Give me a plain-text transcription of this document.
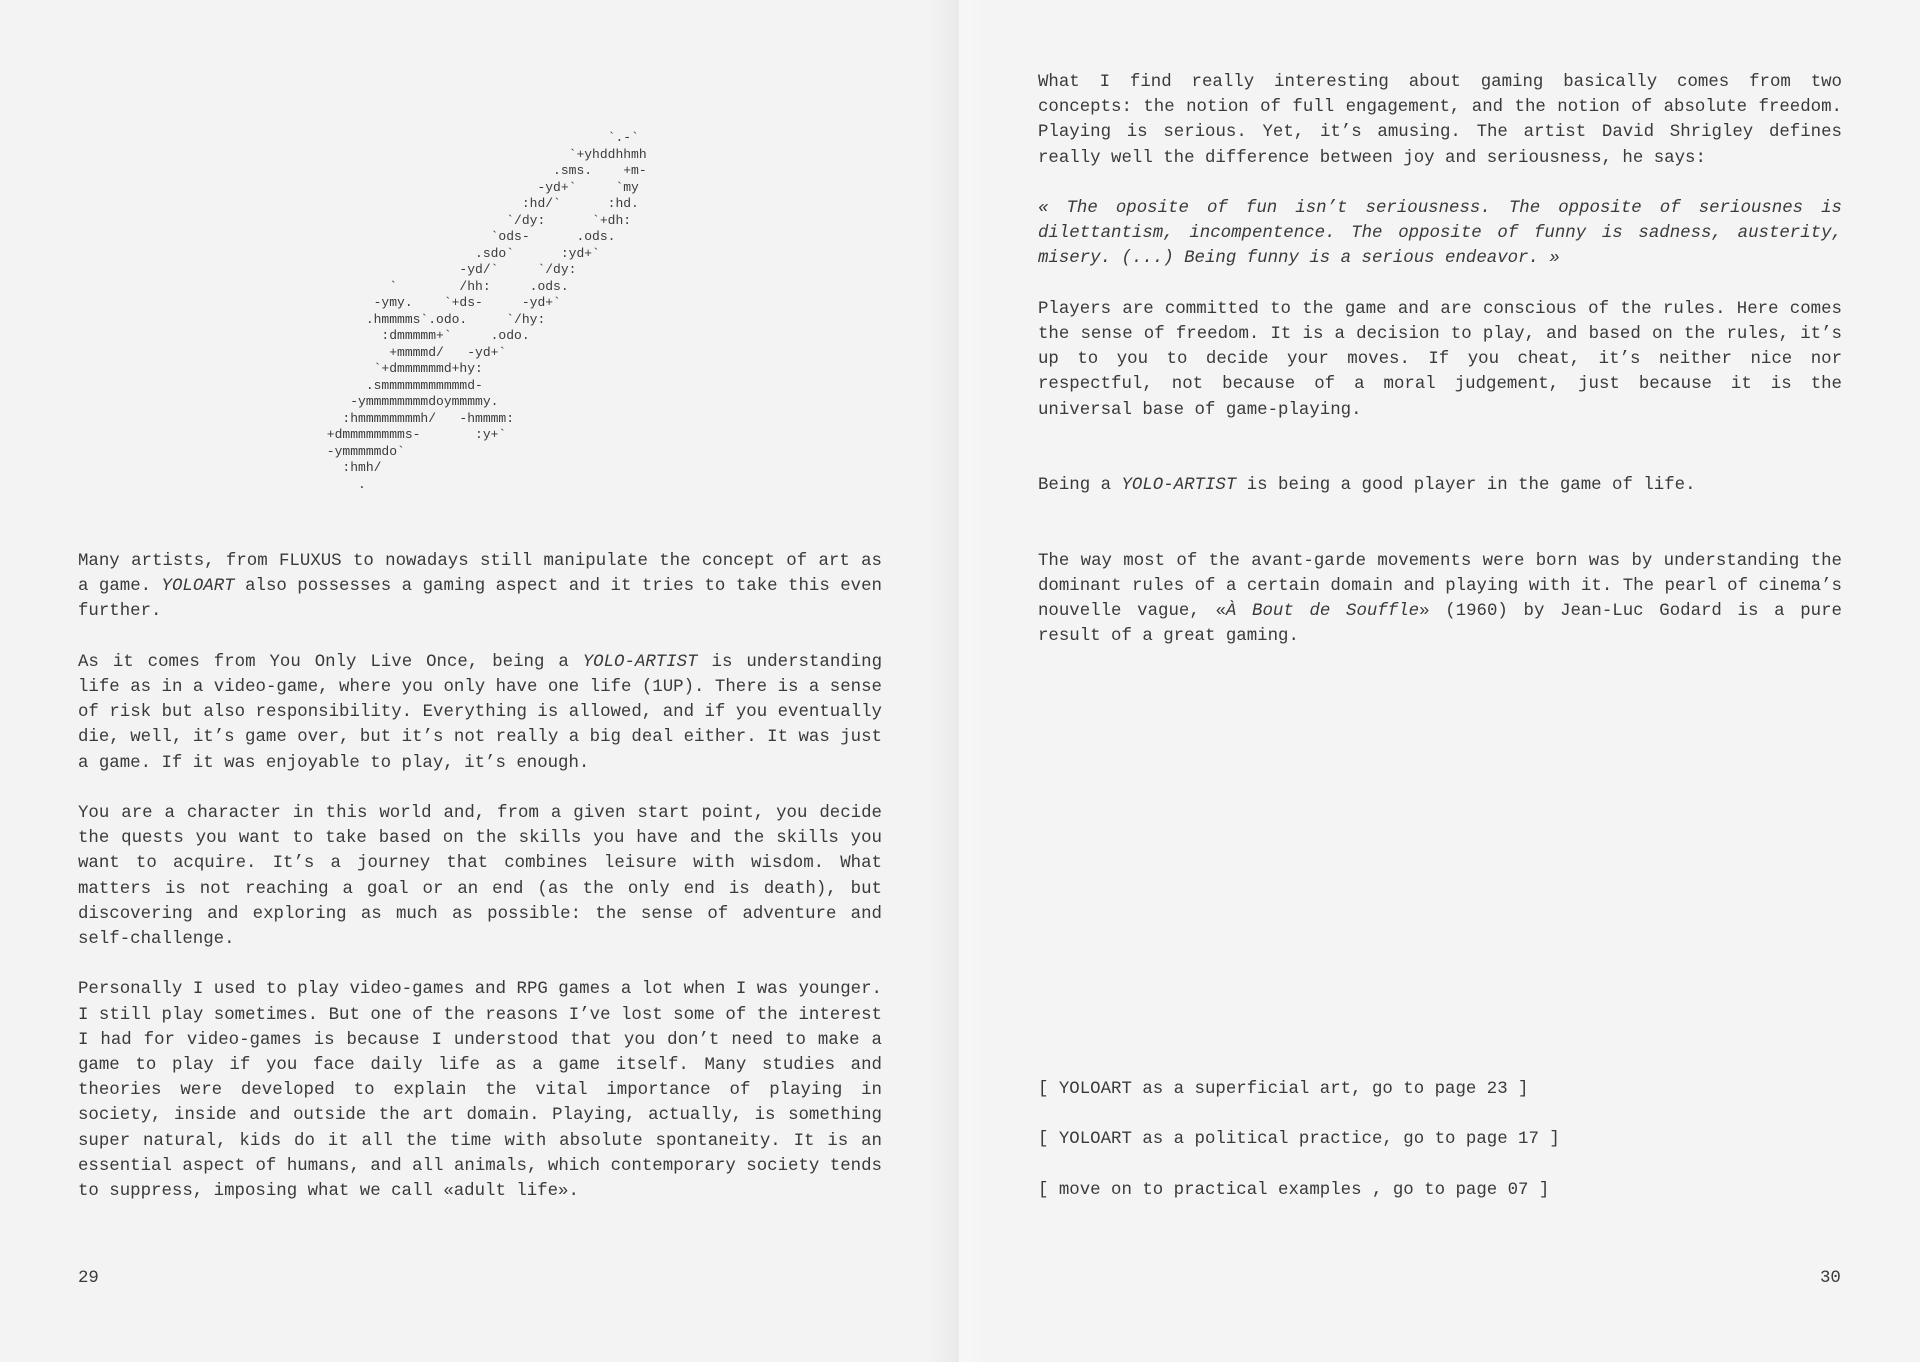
`.-`
`+yhddhhmh
.sms.    +m-
-yd+`     `my
:hd/`      :hd.
`/dy:      `+dh:
`ods-      .ods.
.sdo`      :yd+`
-yd/`     `/dy:
`        /hh:     .ods.
-ymy.    `+ds-     -yd+`
.hmmmms`.odo.     `/hy:
:dmmmmm+`     .odo.
+mmmmd/   -yd+`
`+dmmmmmmd+hy:
.smmmmmmmmmmmd-
-ymmmmmmmmdoymmmmy.
:hmmmmmmmmh/   -hmmmm:
+dmmmmmmmms-       :y+`
-ymmmmmdo`
:hmh/
.

Many artists, from FLUXUS to nowadays still manipulate the concept of art as a game. YOLOART also possesses a gaming aspect and it tries to take this even further.

As it comes from You Only Live Once, being a YOLO-ARTIST is understanding life as in a video-game, where you only have one life (1UP). There is a sense of risk but also responsibility. Everything is allowed, and if you eventually die, well, it’s game over, but it’s not really a big deal either. It was just a game. If it was enjoyable to play, it’s enough.

You are a character in this world and, from a given start point, you decide the quests you want to take based on the skills you have and the skills you want to acquire. It’s a journey that combines leisure with wisdom. What matters is not reaching a goal or an end (as the only end is death), but discovering and exploring as much as possible: the sense of adventure and self-challenge.

Personally I used to play video-games and RPG games a lot when I was younger. I still play sometimes. But one of the reasons I’ve lost some of the interest I had for video-games is because I understood that you don’t need to make a game to play if you face daily life as a game itself. Many studies and theories were developed to explain the vital importance of playing in society, inside and outside the art domain. Playing, actually, is something super natural, kids do it all the time with absolute spontaneity. It is an essential aspect of humans, and all animals, which contemporary society tends to suppress, imposing what we call «adult life».

29

What I find really interesting about gaming basically comes from two concepts: the notion of full engagement, and the notion of absolute freedom. Playing is serious. Yet, it’s amusing. The artist David Shrigley defines really well the difference between joy and seriousness, he says:

« The oposite of fun isn’t seriousness. The opposite of seriousnes is dilettantism, incompentence. The opposite of funny is sadness, austerity, misery. (...) Being funny is a serious endeavor. »

Players are committed to the game and are conscious of the rules. Here comes the sense of freedom. It is a decision to play, and based on the rules, it’s up to you to decide your moves. If you cheat, it’s neither nice nor respectful, not because of a moral judgement, just because it is the universal base of game-playing.

Being a YOLO-ARTIST is being a good player in the game of life.

The way most of the avant-garde movements were born was by understanding the dominant rules of a certain domain and playing with it. The pearl of cinema’s nouvelle vague, «À Bout de Souffle» (1960) by Jean-Luc Godard is a pure result of a great gaming.

[ YOLOART as a superficial art, go to page 23 ]
[ YOLOART as a political practice, go to page 17 ]
[ move on to practical examples , go to page 07 ]
30
